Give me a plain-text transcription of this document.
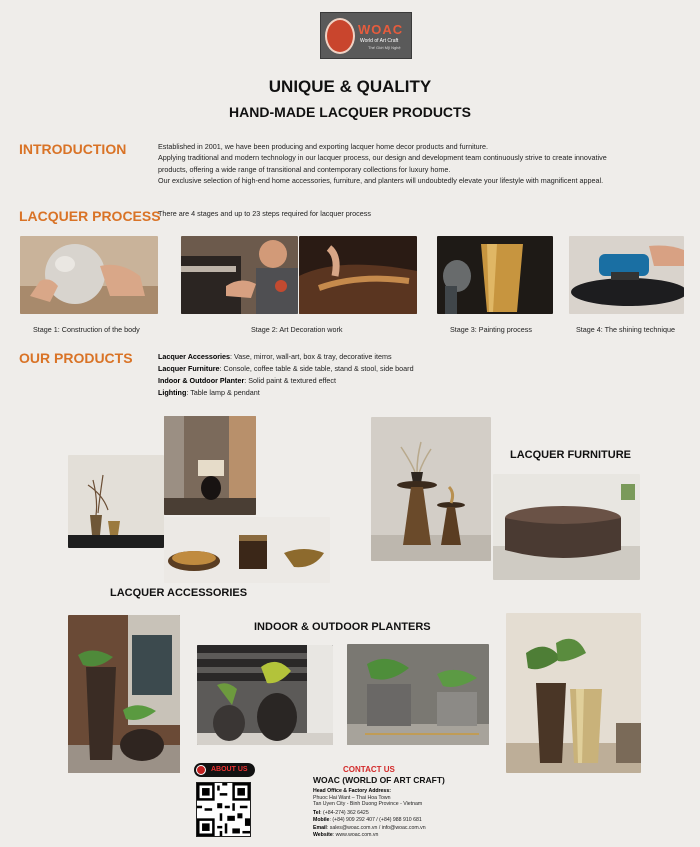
WOAC
World of Art Craft
Thế Giới Mỹ Nghệ
UNIQUE & QUALITY
HAND-MADE LACQUER PRODUCTS
INTRODUCTION	Established in 2001, we have been producing and exporting lacquer home decor products and furniture.
Applying traditional and modern technology in our lacquer process, our design and development team continuously strive to create innovative
products, offering a wide range of transitional and contemporary collections for luxury home.
Our exclusive selection of high-end home accessories, furniture, and planters will undoubtedly elevate your lifestyle with magnificent appeal.
LACQUER PROCESS
There are 4 stages and up to 23 steps required for lacquer process
Stage 1: Construction of the body	Stage 2: Art Decoration work	Stage 3: Painting process	Stage 4: The shining technique
OUR PRODUCTS	Lacquer Accessories: Vase, mirror, wall-art, box & tray, decorative items
Lacquer Furniture: Console, coffee table & side table, stand & stool, side board
Indoor & Outdoor Planter: Solid paint & textured effect
Lighting: Table lamp & pendant
LACQUER ACCESSORIES
LACQUER FURNITURE
INDOOR & OUTDOOR PLANTERS
ABOUT US	CONTACT US
WOAC (WORLD OF ART CRAFT)
Head Office & Factory Address:
Phuoc Hai Want – Thai Hoa Town
Tan Uyen City - Binh Duong Province - Vietnam
Tel: (+84-274) 362 6425
Mobile: (+84) 909 292 407 / (+84) 988 910 681
Email: sales@woac.com.vn / info@woac.com.vn
Website: www.woac.com.vn
